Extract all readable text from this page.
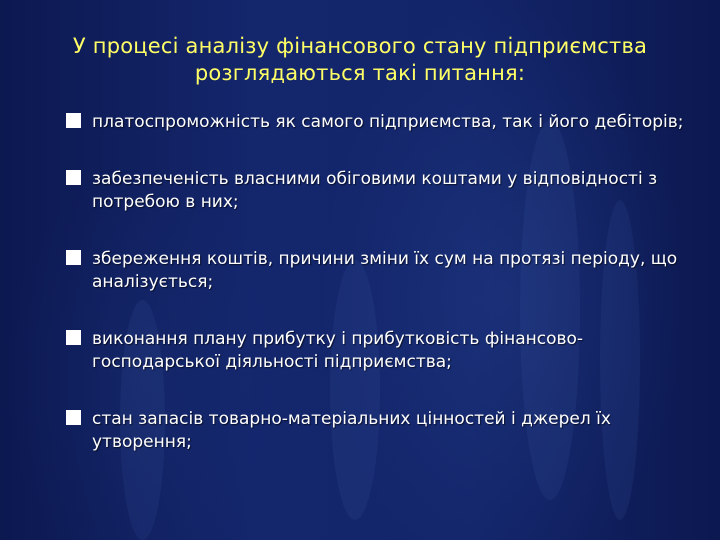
У процесі аналізу фінансового стану підприємства розглядаються такі питання:
платоспроможність як самого підприємства, так і його дебіторів;
забезпеченість власними обіговими коштами у відповідності з потребою в них;
збереження коштів, причини зміни їх сум на протязі періоду, що аналізується;
виконання плану прибутку і прибутковість фінансово-господарської діяльності підприємства;
стан запасів товарно-матеріальних цінностей і джерел їх утворення;
